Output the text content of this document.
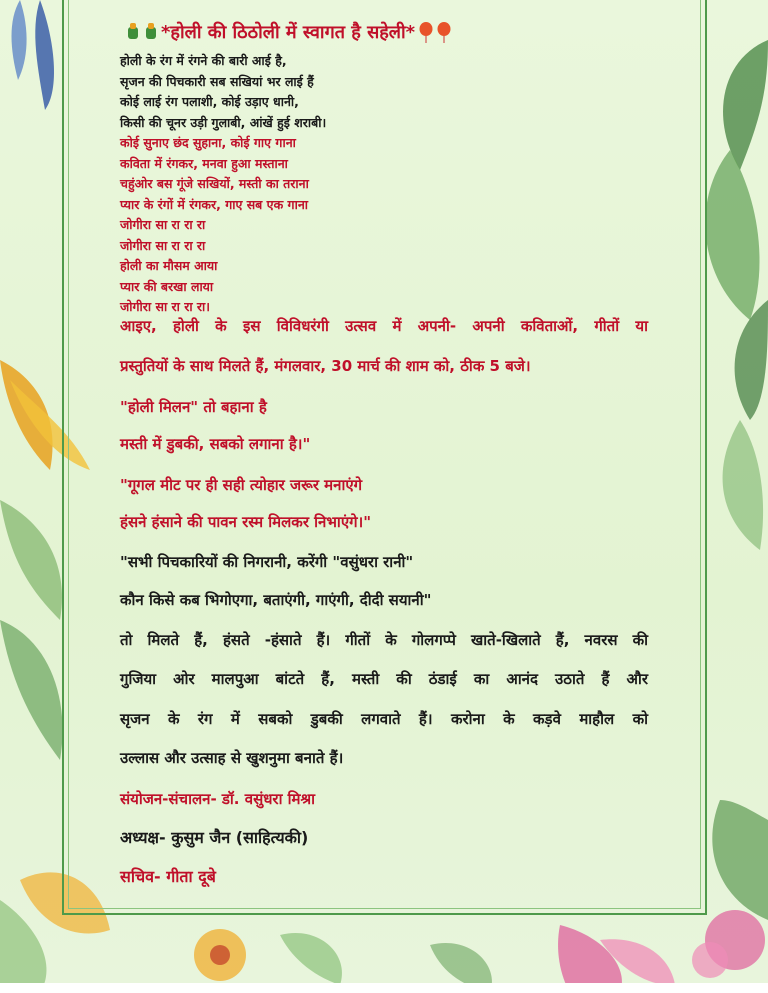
*होली की ठिठोली में स्वागत है सहेली*
होली के रंग में रंगने की बारी आई है,
सृजन की पिचकारी सब सखियां भर लाई हैं
कोई लाई रंग पलाशी, कोई उड़ाए धानी,
किसी की चूनर उड़ी गुलाबी, आंखें हुई शराबी।
कोई सुनाए छंद सुहाना, कोई गाए गाना
कविता में रंगकर, मनवा हुआ मस्ताना
चहुंओर बस गूंजे सखियों, मस्ती का तराना
प्यार के रंगों में रंगकर, गाए सब एक गाना
जोगीरा सा रा रा रा
जोगीरा सा रा रा रा
होली का मौसम आया
प्यार की बरखा लाया
जोगीरा सा रा रा रा।
आइए, होली के इस विविधरंगी उत्सव में अपनी- अपनी कविताओं, गीतों या
प्रस्तुतियों के साथ मिलते हैं, मंगलवार, 30 मार्च की शाम को, ठीक 5 बजे।
"होली मिलन" तो बहाना है
मस्ती में डुबकी, सबको लगाना है।"
"गूगल मीट पर ही सही त्योहार जरूर मनाएंगे
हंसने हंसाने की पावन रस्म मिलकर निभाएंगे।"
"सभी पिचकारियों की निगरानी, करेंगी "वसुंधरा रानी"
कौन किसे कब भिगोएगा, बताएंगी, गाएंगी, दीदी सयानी"
तो मिलते हैं, हंसते -हंसाते हैं। गीतों के गोलगप्पे खाते-खिलाते हैं, नवरस की
गुजिया ओर मालपुआ बांटते हैं, मस्ती की ठंडाई का आनंद उठाते हैं और
सृजन के रंग में सबको डुबकी लगवाते हैं। करोना के कड़वे माहौल को
उल्लास और उत्साह से खुशनुमा बनाते हैं।
संयोजन-संचालन- डॉ. वसुंधरा मिश्रा
अध्यक्ष- कुसुम जैन (साहित्यकी)
सचिव- गीता दूबे
